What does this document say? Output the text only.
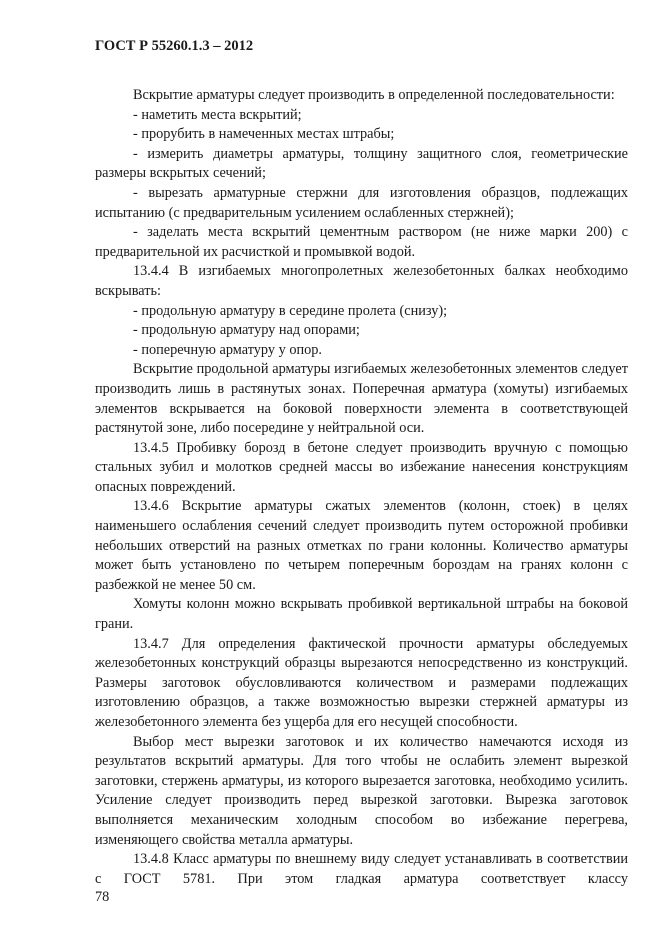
ГОСТ Р 55260.1.3 – 2012

Вскрытие арматуры следует производить в определенной последовательности:

- наметить места вскрытий;

- прорубить в намеченных местах штрабы;

- измерить диаметры арматуры, толщину защитного слоя, геометрические размеры вскрытых сечений;

- вырезать арматурные стержни для изготовления образцов, подлежащих испытанию (с предварительным усилением ослабленных стержней);

- заделать места вскрытий цементным раствором (не ниже марки 200) с предварительной их расчисткой и промывкой водой.

13.4.4 В изгибаемых многопролетных железобетонных балках необходимо вскрывать:

- продольную арматуру в середине пролета (снизу);

- продольную арматуру над опорами;

- поперечную арматуру у опор.

Вскрытие продольной арматуры изгибаемых железобетонных элементов следует производить лишь в растянутых зонах. Поперечная арматура (хомуты) изгибаемых элементов вскрывается на боковой поверхности элемента в соответствующей растянутой зоне, либо посередине у нейтральной оси.

13.4.5 Пробивку борозд в бетоне следует производить вручную с помощью стальных зубил и молотков средней массы во избежание нанесения конструкциям опасных повреждений.

13.4.6 Вскрытие арматуры сжатых элементов (колонн, стоек) в целях наименьшего ослабления сечений следует производить путем осторожной пробивки небольших отверстий на разных отметках по грани колонны. Количество арматуры может быть установлено по четырем поперечным бороздам на гранях колонн с разбежкой не менее 50 см.

Хомуты колонн можно вскрывать пробивкой вертикальной штрабы на боковой грани.

13.4.7 Для определения фактической прочности арматуры обследуемых железобетонных конструкций образцы вырезаются непосредственно из конструкций. Размеры заготовок обусловливаются количеством и размерами подлежащих изготовлению образцов, а также возможностью вырезки стержней арматуры из железобетонного элемента без ущерба для его несущей способности.

Выбор мест вырезки заготовок и их количество намечаются исходя из результатов вскрытий арматуры. Для того чтобы не ослабить элемент вырезкой заготовки, стержень арматуры, из которого вырезается заготовка, необходимо усилить. Усиление следует производить перед вырезкой заготовки. Вырезка заготовок выполняется механическим холодным способом во избежание перегрева, изменяющего свойства металла арматуры.

13.4.8 Класс арматуры по внешнему виду следует устанавливать в соответствии с ГОСТ 5781. При этом гладкая арматура соответствует классу

78
